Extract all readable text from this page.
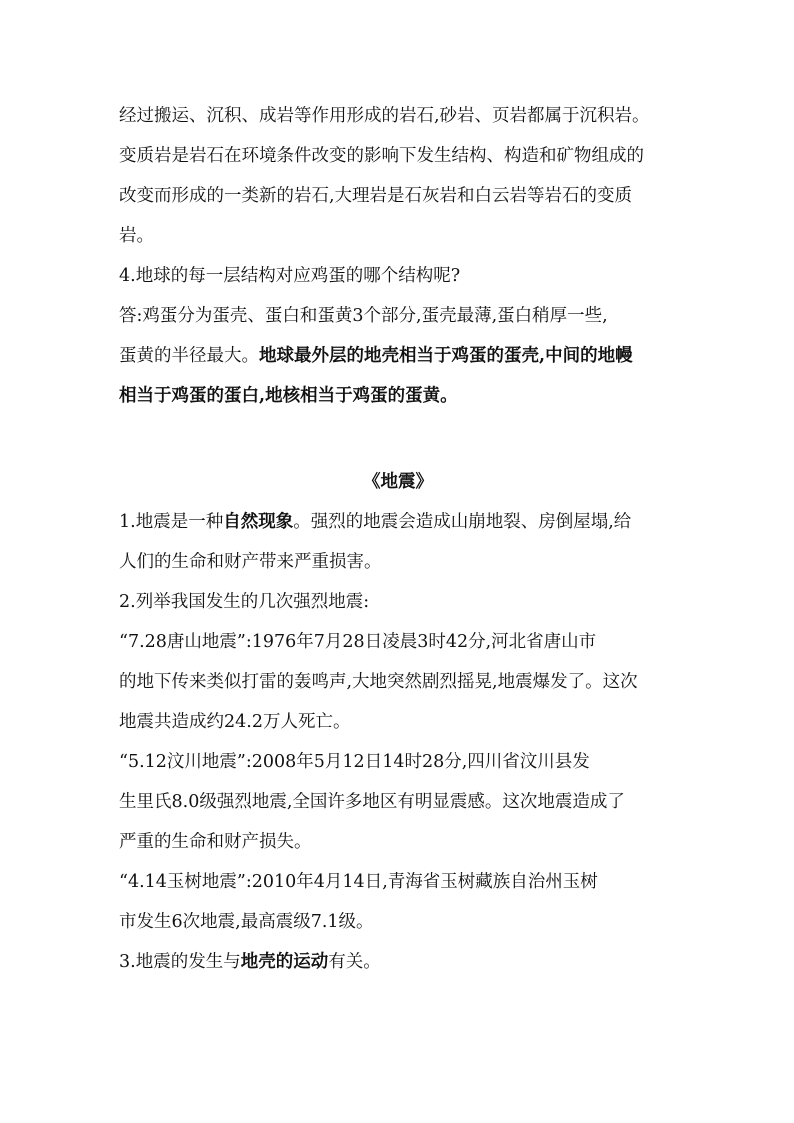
经过搬运、沉积、成岩等作用形成的岩石,砂岩、页岩都属于沉积岩。

变质岩是岩石在环境条件改变的影响下发生结构、构造和矿物组成的

改变而形成的一类新的岩石,大理岩是石灰岩和白云岩等岩石的变质

岩。

4.地球的每一层结构对应鸡蛋的哪个结构呢?

答:鸡蛋分为蛋壳、蛋白和蛋黄3个部分,蛋壳最薄,蛋白稍厚一些,

蛋黄的半径最大。地球最外层的地壳相当于鸡蛋的蛋壳,中间的地幔

相当于鸡蛋的蛋白,地核相当于鸡蛋的蛋黄。

《地震》

1.地震是一种自然现象。强烈的地震会造成山崩地裂、房倒屋塌,给

人们的生命和财产带来严重损害。

2.列举我国发生的几次强烈地震:

“7.28唐山地震”:1976年7月28日凌晨3时42分,河北省唐山市

的地下传来类似打雷的轰鸣声,大地突然剧烈摇晃,地震爆发了。这次

地震共造成约24.2万人死亡。

“5.12汶川地震”:2008年5月12日14时28分,四川省汶川县发

生里氏8.0级强烈地震,全国许多地区有明显震感。这次地震造成了

严重的生命和财产损失。

“4.14玉树地震”:2010年4月14日,青海省玉树藏族自治州玉树

市发生6次地震,最高震级7.1级。

3.地震的发生与地壳的运动有关。
